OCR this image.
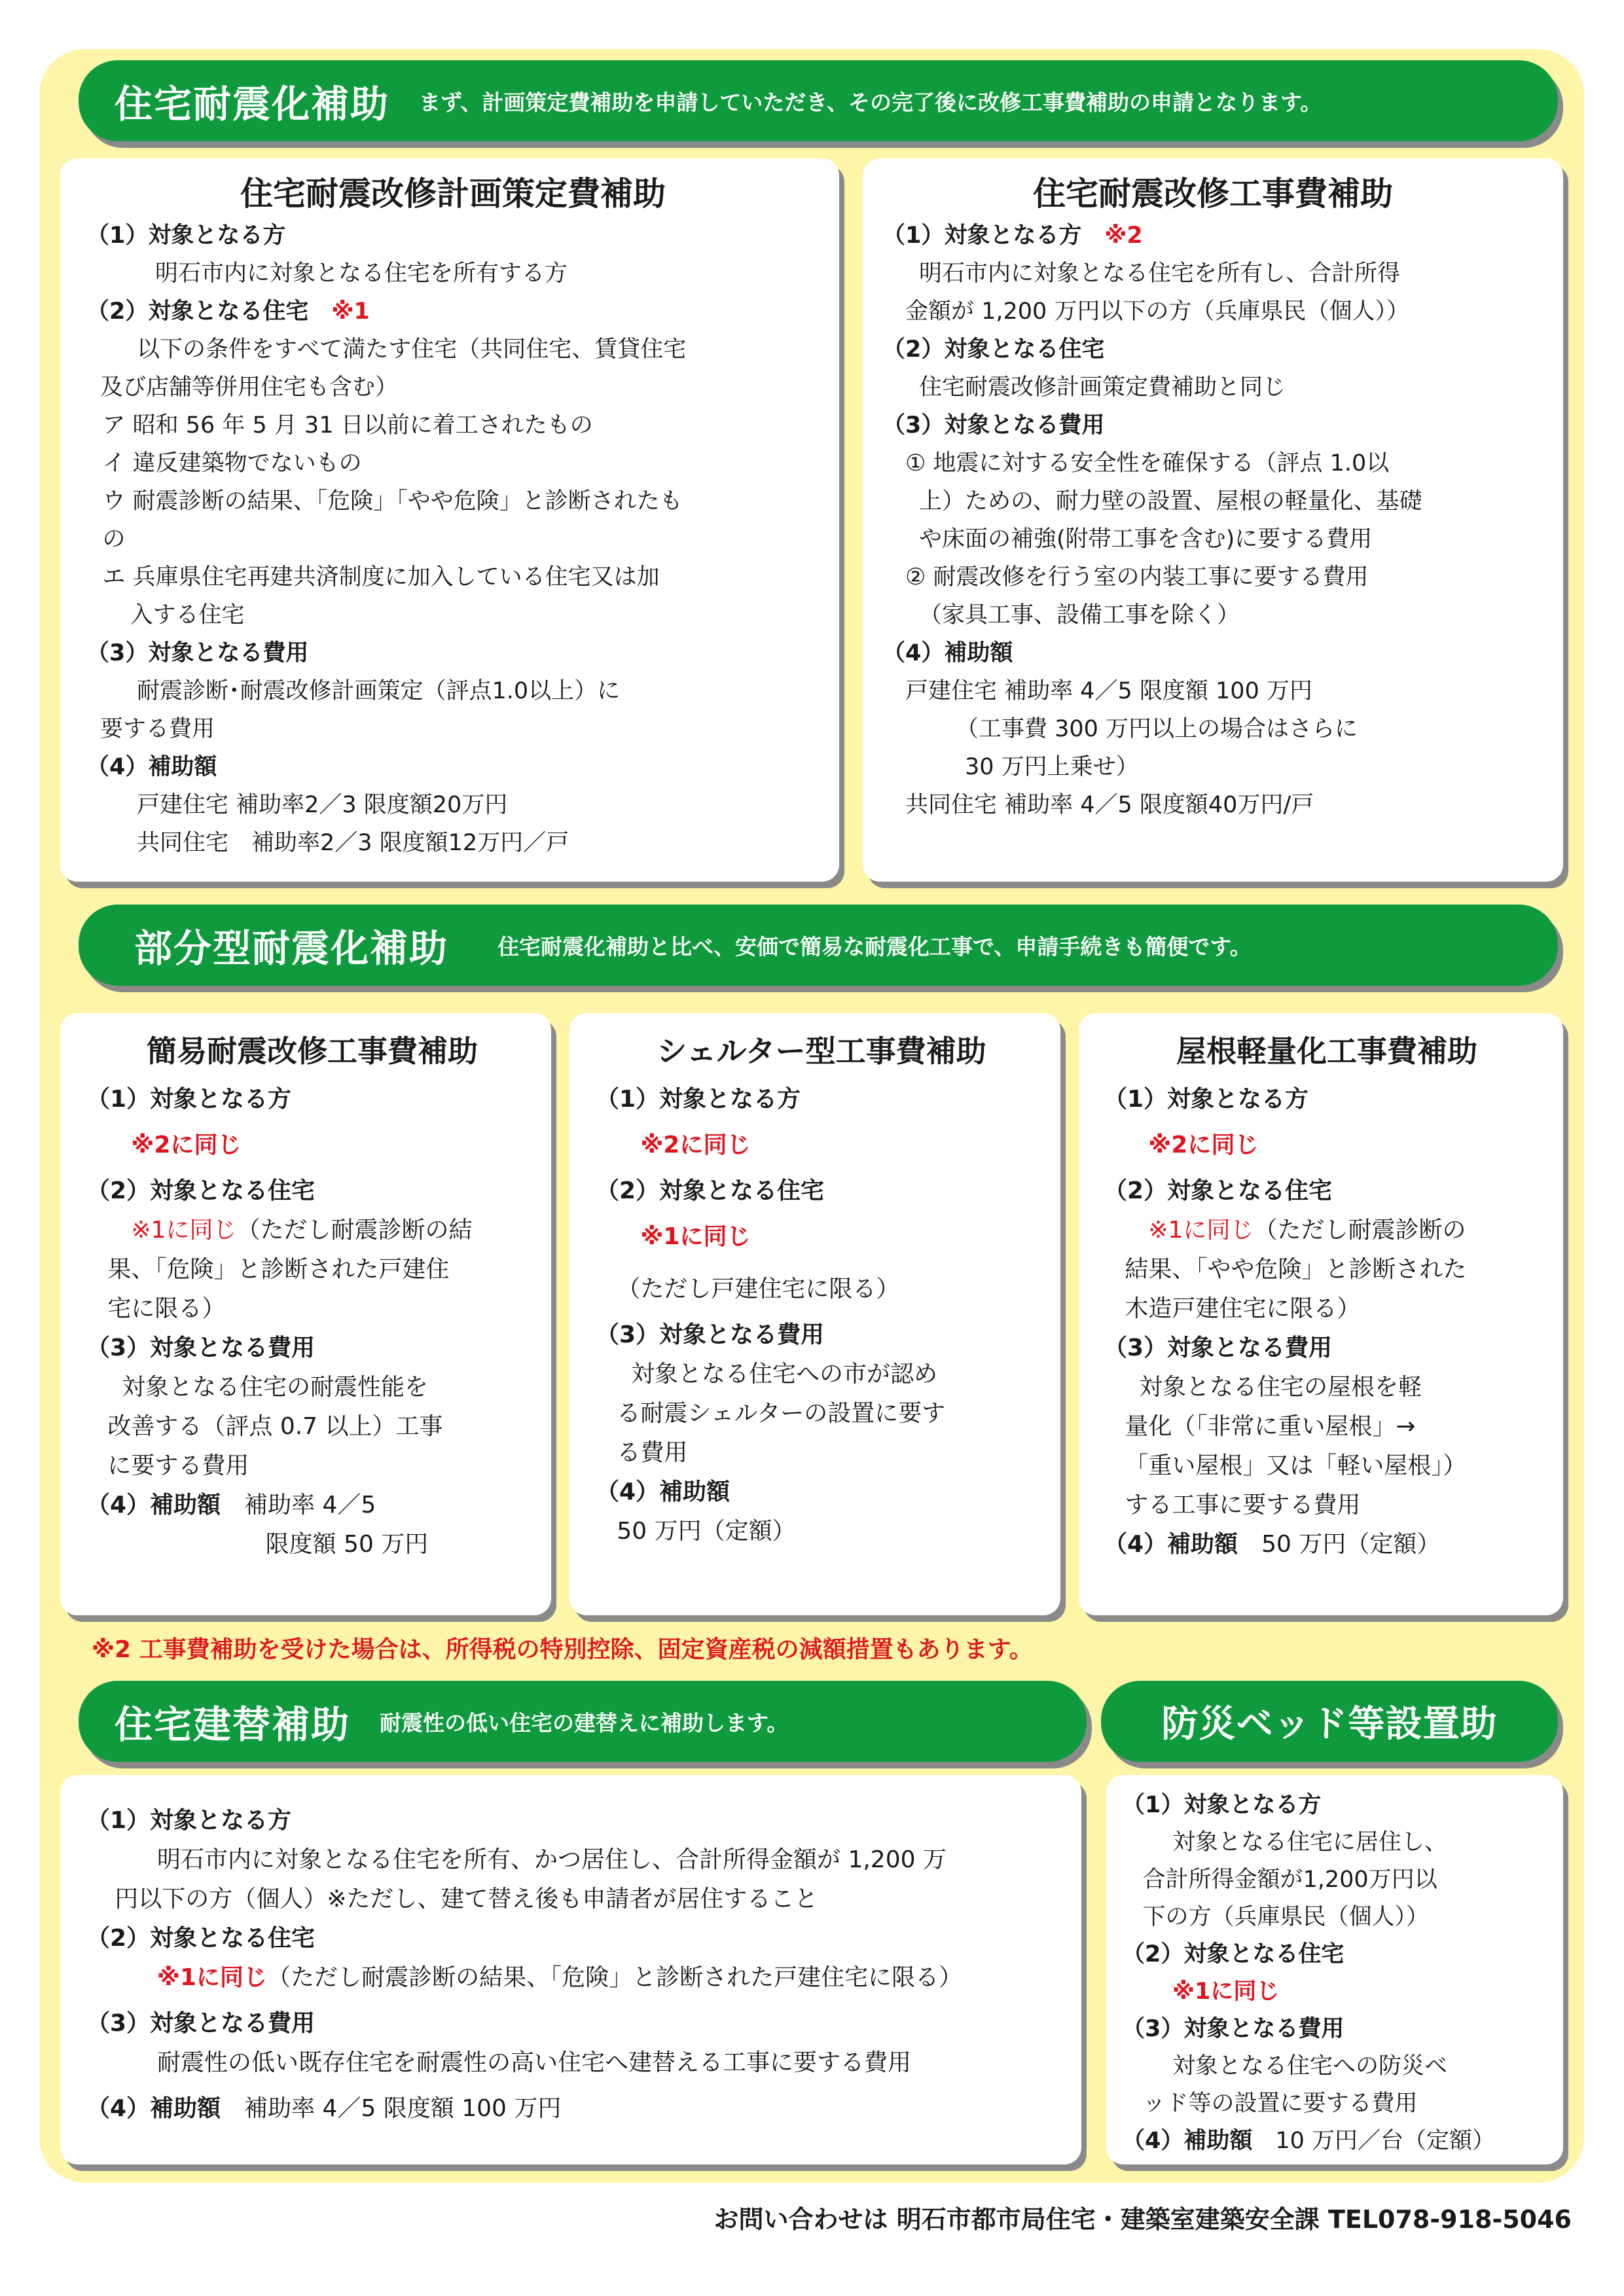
住宅耐震化補助 まず、計画策定費補助を申請していただき、その完了後に改修工事費補助の申請となります。
住宅耐震改修計画策定費補助
（1）対象となる方
明石市内に対象となる住宅を所有する方
（2）対象となる住宅　 ※1
以下の条件をすべて満たす住宅（共同住宅、賃貸住宅
及び店舗等併用住宅も含む）
ア 昭和 56 年 5 月 31 日以前に着工されたもの
イ 違反建築物でないもの
ウ 耐震診断の結果、「危険」「やや危険」と診断されたも
の
エ 兵庫県住宅再建共済制度に加入している住宅又は加
入する住宅
（3）対象となる費用
耐震診断･耐震改修計画策定（評点1.0以上）に
要する費用
（4）補助額
戸建住宅 補助率2／3 限度額20万円
共同住宅　補助率2／3 限度額12万円／戸
住宅耐震改修工事費補助
（1）対象となる方　 ※2
明石市内に対象となる住宅を所有し、合計所得
金額が 1,200 万円以下の方（兵庫県民（個人））
（2）対象となる住宅
住宅耐震改修計画策定費補助と同じ
（3）対象となる費用
① 地震に対する安全性を確保する（評点 1.0以
上）ための、耐力壁の設置、屋根の軽量化、基礎
や床面の補強(附帯工事を含む)に要する費用
② 耐震改修を行う室の内装工事に要する費用
（家具工事、設備工事を除く）
（4）補助額
戸建住宅 補助率 4／5 限度額 100 万円
（工事費 300 万円以上の場合はさらに
30 万円上乗せ）
共同住宅 補助率 4／5 限度額40万円/戸
部分型耐震化補助 住宅耐震化補助と比べ、安価で簡易な耐震化工事で、申請手続きも簡便です。
簡易耐震改修工事費補助
（1）対象となる方
※2に同じ
（2）対象となる住宅
※1に同じ（ただし耐震診断の結
果、「危険」と診断された戸建住
宅に限る）
（3）対象となる費用
対象となる住宅の耐震性能を
改善する（評点 0.7 以上）工事
に要する費用
（4）補助額　 補助率 4／5
限度額 50 万円
シェルター型工事費補助
（1）対象となる方
※2に同じ
（2）対象となる住宅
※1に同じ
（ただし戸建住宅に限る）
（3）対象となる費用
対象となる住宅への市が認め
る耐震シェルターの設置に要す
る費用
（4）補助額
50 万円（定額）
屋根軽量化工事費補助
（1）対象となる方
※2に同じ
（2）対象となる住宅
※1に同じ（ただし耐震診断の
結果、「やや危険」と診断された
木造戸建住宅に限る）
（3）対象となる費用
対象となる住宅の屋根を軽
量化（「非常に重い屋根」→
「重い屋根」又は「軽い屋根」）
する工事に要する費用
（4）補助額　 50 万円（定額）
※2 工事費補助を受けた場合は、所得税の特別控除、固定資産税の減額措置もあります。
住宅建替補助 耐震性の低い住宅の建替えに補助します。	防災ベッド等設置助
（1）対象となる方
明石市内に対象となる住宅を所有、かつ居住し、合計所得金額が 1,200 万
円以下の方（個人）※ただし、建て替え後も申請者が居住すること
（2）対象となる住宅
※1に同じ（ただし耐震診断の結果、「危険」と診断された戸建住宅に限る）
（3）対象となる費用
耐震性の低い既存住宅を耐震性の高い住宅へ建替える工事に要する費用
（4）補助額　 補助率 4／5 限度額 100 万円
（1）対象となる方
対象となる住宅に居住し、
合計所得金額が1,200万円以
下の方（兵庫県民（個人））
（2）対象となる住宅
※1に同じ
（3）対象となる費用
対象となる住宅への防災ベ
ッド等の設置に要する費用
（4）補助額　 10 万円／台（定額）
お問い合わせは 明石市都市局住宅・建築室建築安全課 TEL078-918-5046
